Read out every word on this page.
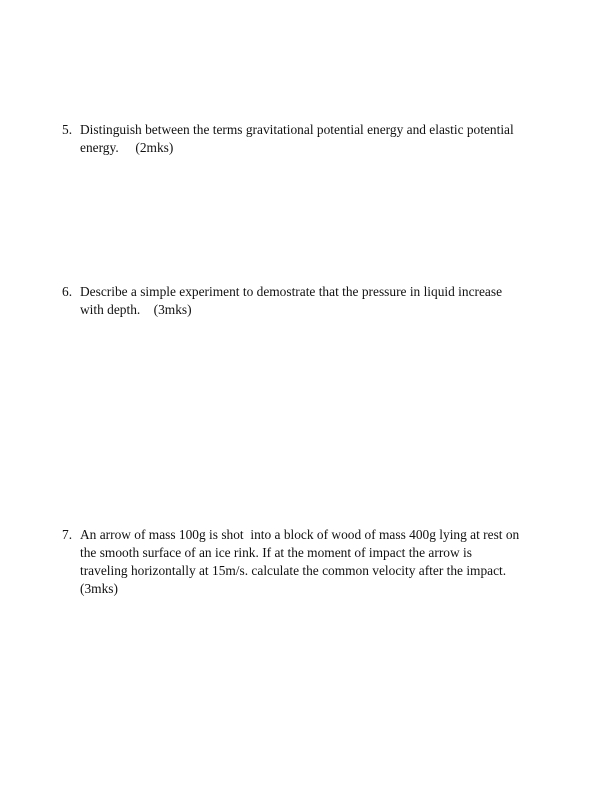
5. Distinguish between the terms gravitational potential energy and elastic potential
energy.     (2mks)
6. Describe a simple experiment to demostrate that the pressure in liquid increase
with depth.    (3mks)
7. An arrow of mass 100g is shot  into a block of wood of mass 400g lying at rest on
the smooth surface of an ice rink. If at the moment of impact the arrow is
traveling horizontally at 15m/s. calculate the common velocity after the impact.
(3mks)
